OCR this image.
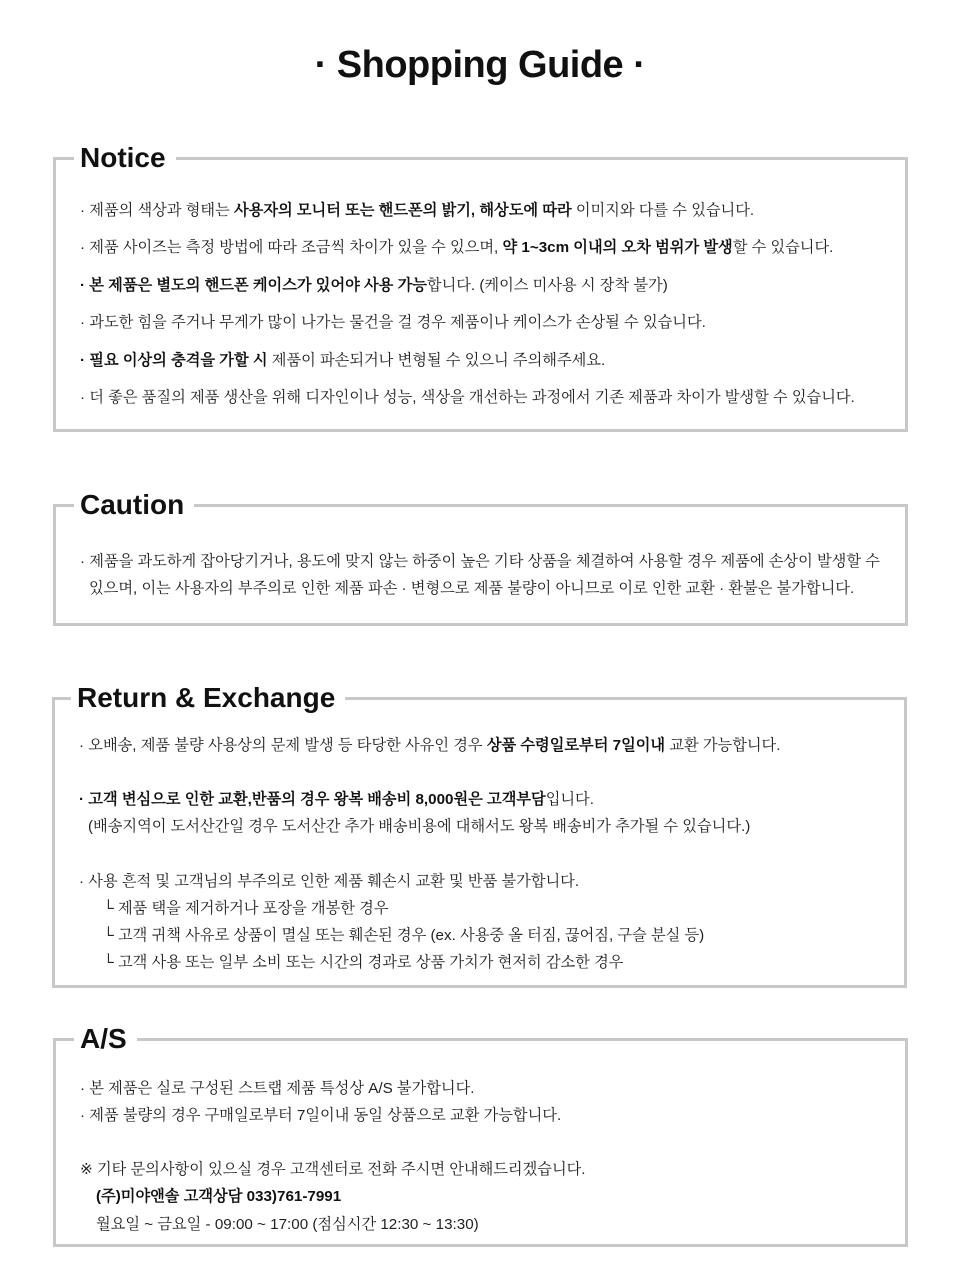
· Shopping Guide ·
Notice
· 제품의 색상과 형태는 사용자의 모니터 또는 핸드폰의 밝기, 해상도에 따라 이미지와 다를 수 있습니다.
· 제품 사이즈는 측정 방법에 따라 조금씩 차이가 있을 수 있으며, 약 1~3cm 이내의 오차 범위가 발생할 수 있습니다.
· 본 제품은 별도의 핸드폰 케이스가 있어야 사용 가능합니다. (케이스 미사용 시 장착 불가)
· 과도한 힘을 주거나 무게가 많이 나가는 물건을 걸 경우 제품이나 케이스가 손상될 수 있습니다.
· 필요 이상의 충격을 가할 시 제품이 파손되거나 변형될 수 있으니 주의해주세요.
· 더 좋은 품질의 제품 생산을 위해 디자인이나 성능, 색상을 개선하는 과정에서 기존 제품과 차이가 발생할 수 있습니다.
Caution
· 제품을 과도하게 잡아당기거나, 용도에 맞지 않는 하중이 높은 기타 상품을 체결하여 사용할 경우 제품에 손상이 발생할 수
있으며, 이는 사용자의 부주의로 인한 제품 파손 · 변형으로 제품 불량이 아니므로 이로 인한 교환 · 환불은 불가합니다.
Return & Exchange
· 오배송, 제품 불량 사용상의 문제 발생 등 타당한 사유인 경우 상품 수령일로부터 7일이내 교환 가능합니다.
· 고객 변심으로 인한 교환,반품의 경우 왕복 배송비 8,000원은 고객부담입니다.
(배송지역이 도서산간일 경우 도서산간 추가 배송비용에 대해서도 왕복 배송비가 추가될 수 있습니다.)
· 사용 흔적 및 고객님의 부주의로 인한 제품 훼손시 교환 및 반품 불가합니다.
└ 제품 택을 제거하거나 포장을 개봉한 경우
└ 고객 귀책 사유로 상품이 멸실 또는 훼손된 경우 (ex. 사용중 올 터짐, 끊어짐, 구슬 분실 등)
└ 고객 사용 또는 일부 소비 또는 시간의 경과로 상품 가치가 현저히 감소한 경우
A/S
· 본 제품은 실로 구성된 스트랩 제품 특성상 A/S 불가합니다.
· 제품 불량의 경우 구매일로부터 7일이내 동일 상품으로 교환 가능합니다.
※ 기타 문의사항이 있으실 경우 고객센터로 전화 주시면 안내해드리겠습니다.
(주)미야앤솔 고객상담 033)761-7991
월요일 ~ 금요일 - 09:00 ~ 17:00 (점심시간 12:30 ~ 13:30)
